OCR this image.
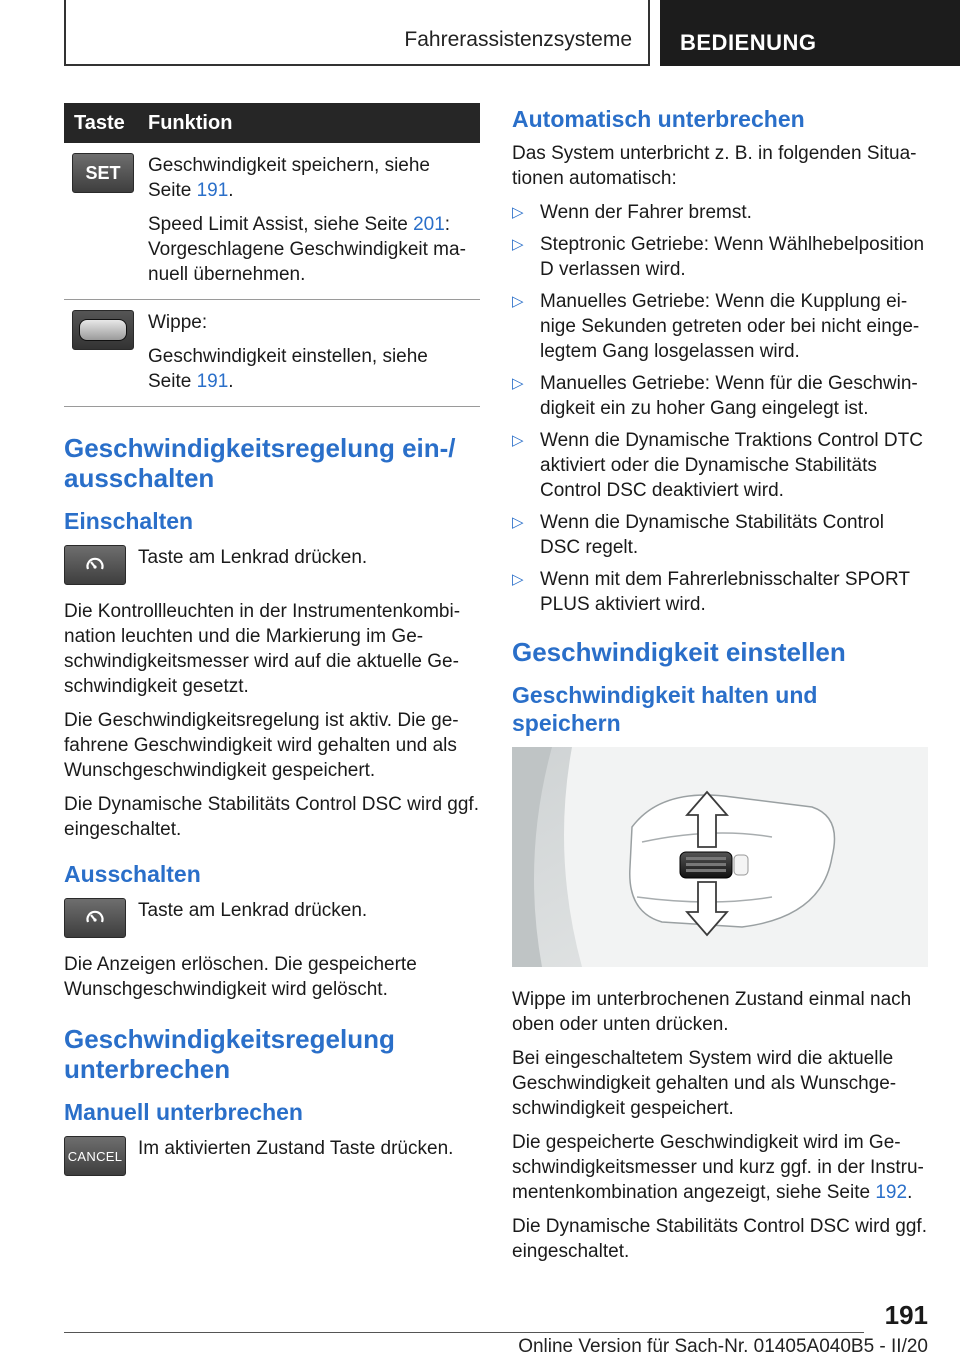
Fahrerassistenzsysteme BEDIENUNG
Taste	Funktion

SET	Geschwindigkeit speichern, siehe Seite 191.

Speed Limit Assist, siehe Seite 201: Vorgeschlagene Geschwindigkeit manuell übernehmen.

	Wippe:

Geschwindigkeit einstellen, siehe Seite 191.

Geschwindigkeitsregelung ein-/ ausschalten
Einschalten

Taste am Lenkrad drücken.

Die Kontrollleuchten in der Instrumentenkombination leuchten und die Markierung im Geschwindigkeitsmesser wird auf die aktuelle Geschwindigkeit gesetzt.

Die Geschwindigkeitsregelung ist aktiv. Die gefahrene Geschwindigkeit wird gehalten und als Wunschgeschwindigkeit gespeichert.

Die Dynamische Stabilitäts Control DSC wird ggf. eingeschaltet.

Ausschalten

Taste am Lenkrad drücken.

Die Anzeigen erlöschen. Die gespeicherte Wunschgeschwindigkeit wird gelöscht.

Geschwindigkeitsregelung unterbrechen
Manuell unterbrechen
CANCEL Im aktivierten Zustand Taste drücken.

Automatisch unterbrechen

Das System unterbricht z. B. in folgenden Situationen automatisch:

▷ Wenn der Fahrer bremst.
▷ Steptronic Getriebe: Wenn Wählhebelposition D verlassen wird.
▷ Manuelles Getriebe: Wenn die Kupplung einige Sekunden getreten oder bei nicht eingelegtem Gang losgelassen wird.
▷ Manuelles Getriebe: Wenn für die Geschwindigkeit ein zu hoher Gang eingelegt ist.
▷ Wenn die Dynamische Traktions Control DTC aktiviert oder die Dynamische Stabilitäts Control DSC deaktiviert wird.
▷ Wenn die Dynamische Stabilitäts Control DSC regelt.
▷ Wenn mit dem Fahrerlebnisschalter SPORT PLUS aktiviert wird.
Geschwindigkeit einstellen
Geschwindigkeit halten und speichern

Wippe im unterbrochenen Zustand einmal nach oben oder unten drücken.

Bei eingeschaltetem System wird die aktuelle Geschwindigkeit gehalten und als Wunschgeschwindigkeit gespeichert.

Die gespeicherte Geschwindigkeit wird im Geschwindigkeitsmesser und kurz ggf. in der Instrumentenkombination angezeigt, siehe Seite 192.

Die Dynamische Stabilitäts Control DSC wird ggf. eingeschaltet.

191
Online Version für Sach-Nr. 01405A040B5 - II/20
